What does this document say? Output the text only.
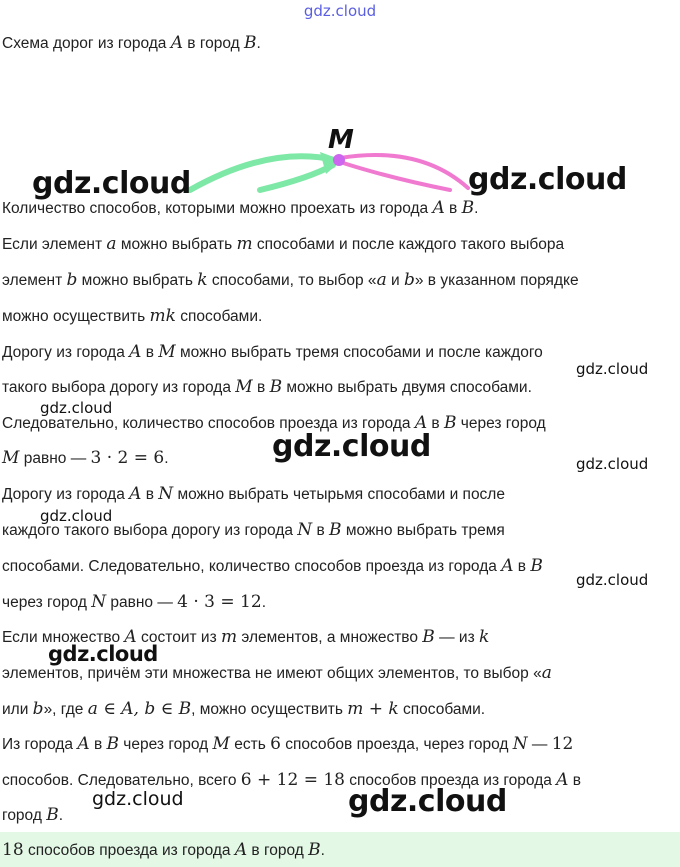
gdz.cloud
Схема дорог из города A в город B.
M
gdz.cloud	gdz.cloud
Количество способов, которыми можно проехать из города A в B.
Если элемент a можно выбрать m способами и после каждого такого выбора
элемент b можно выбрать k способами, то выбор «a и b» в указанном порядке
можно осуществить mk способами.
Дорогу из города A в M можно выбрать тремя способами и после каждого
gdz.cloud
такого выбора дорогу из города M в B можно выбрать двумя способами.
gdz.cloud
Следовательно, количество способов проезда из города A в B через город
gdz.cloud
M равно — 3 · 2 = 6.	gdz.cloud
Дорогу из города A в N можно выбрать четырьмя способами и после
gdz.cloud
каждого такого выбора дорогу из города N в B можно выбрать тремя
способами. Следовательно, количество способов проезда из города A в B
gdz.cloud
через город N равно — 4 · 3 = 12.
Если множество A состоит из m элементов, а множество B — из k
gdz.cloud
элементов, причём эти множества не имеют общих элементов, то выбор «a
или b», где a ∈ A, b ∈ B, можно осуществить m + k способами.
Из города A в B через город M есть 6 способов проезда, через город N — 12
способов. Следовательно, всего 6 + 12 = 18 способов проезда из города A в
gdz.cloud	gdz.cloud
город B.
18 способов проезда из города A в город B.
